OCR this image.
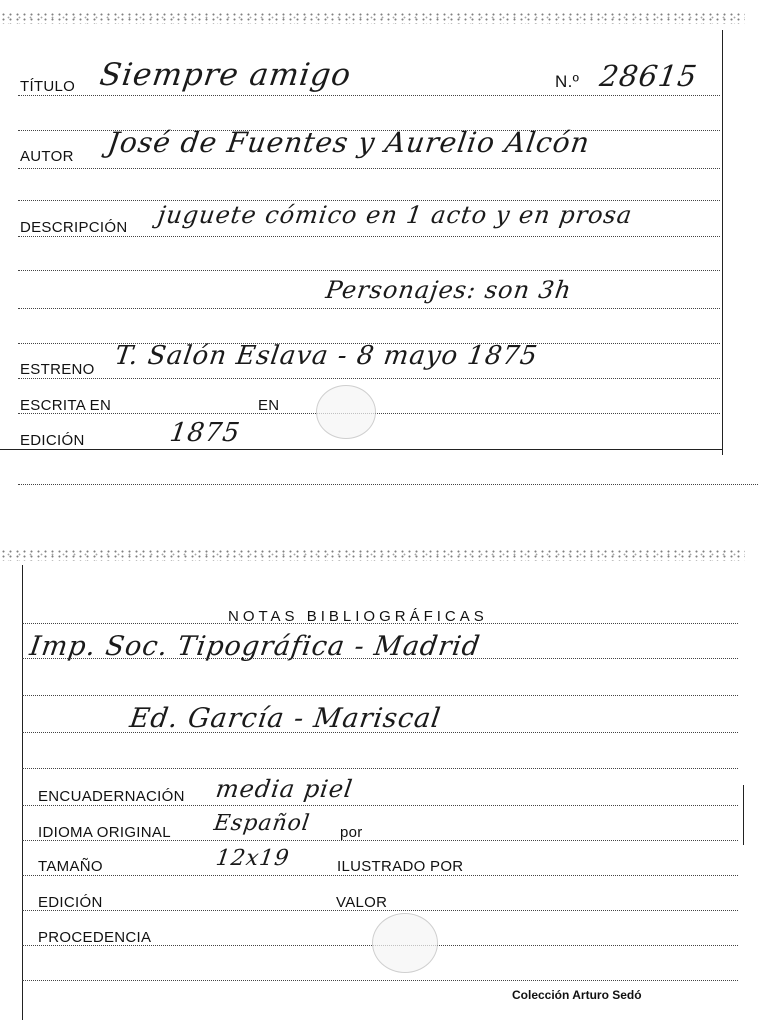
TÍTULO Siempre amigo	N.º 28615
AUTOR José de Fuentes y Aurelio Alcón
DESCRIPCIÓN juguete cómico en 1 acto y en prosa
Personajes: son 3h
ESTRENO T. Salón Eslava - 8 mayo 1875
ESCRITA EN	EN
EDICIÓN	1875
NOTAS BIBLIOGRÁFICAS
Imp. Soc. Tipográfica - Madrid
Ed. García - Mariscal
ENCUADERNACIÓN media piel
IDIOMA ORIGINAL Español por
TAMAÑO	12x19	ILUSTRADO POR
EDICIÓN	VALOR
PROCEDENCIA
Colección Arturo Sedó
